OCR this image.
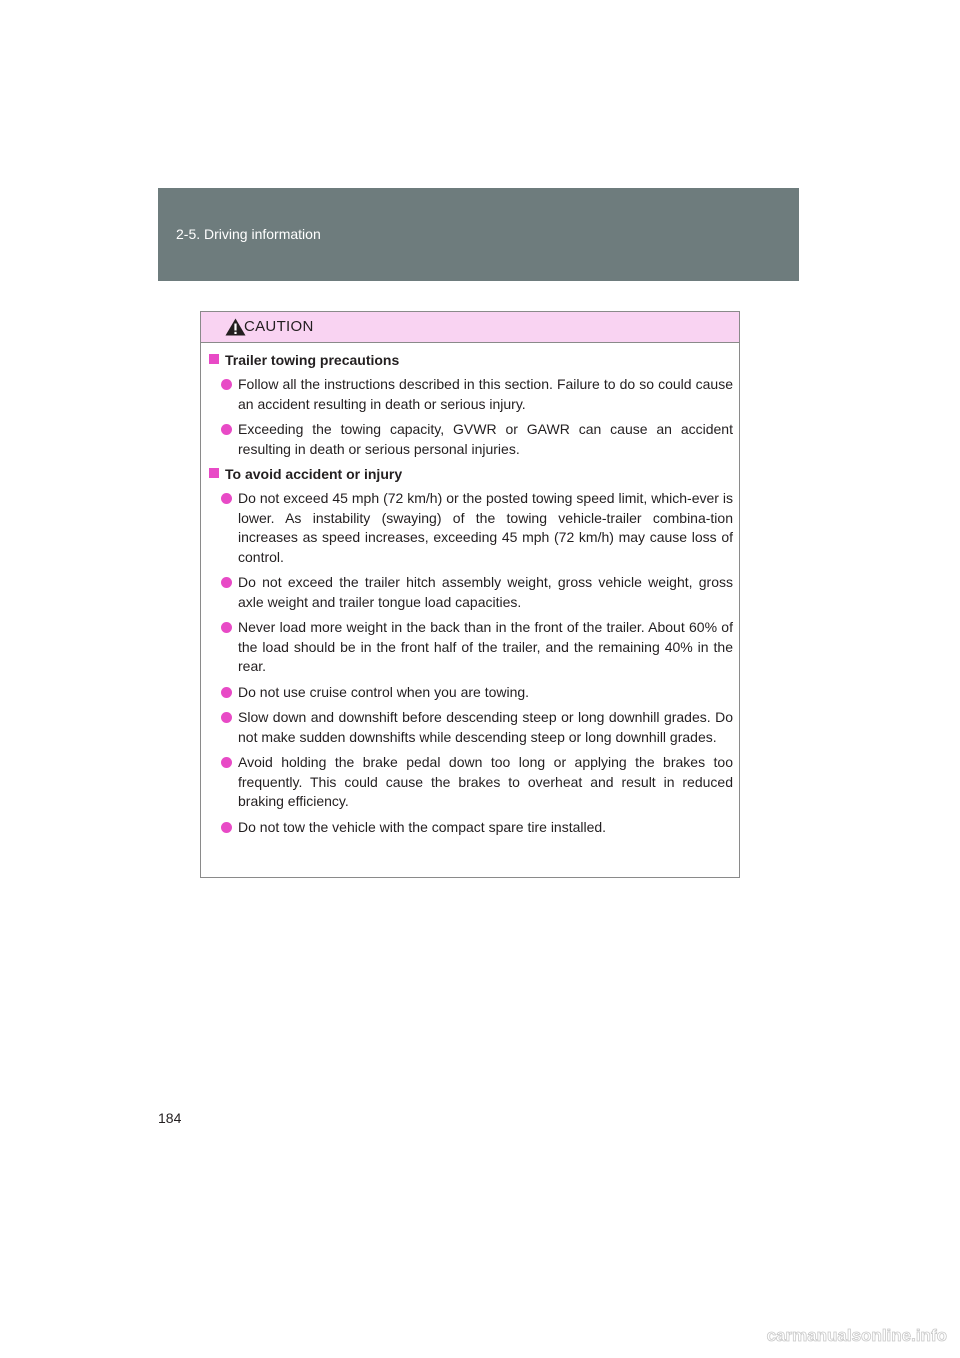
2-5. Driving information
CAUTION
Trailer towing precautions
Follow all the instructions described in this section. Failure to do so could cause an accident resulting in death or serious injury.
Exceeding the towing capacity, GVWR or GAWR can cause an accident resulting in death or serious personal injuries.
To avoid accident or injury
Do not exceed 45 mph (72 km/h) or the posted towing speed limit, which-ever is lower. As instability (swaying) of the towing vehicle-trailer combina-tion increases as speed increases, exceeding 45 mph (72 km/h) may cause loss of control.
Do not exceed the trailer hitch assembly weight, gross vehicle weight, gross axle weight and trailer tongue load capacities.
Never load more weight in the back than in the front of the trailer. About 60% of the load should be in the front half of the trailer, and the remaining 40% in the rear.
Do not use cruise control when you are towing.
Slow down and downshift before descending steep or long downhill grades. Do not make sudden downshifts while descending steep or long downhill grades.
Avoid holding the brake pedal down too long or applying the brakes too frequently. This could cause the brakes to overheat and result in reduced braking efficiency.
Do not tow the vehicle with the compact spare tire installed.
184
carmanualsonline.info
